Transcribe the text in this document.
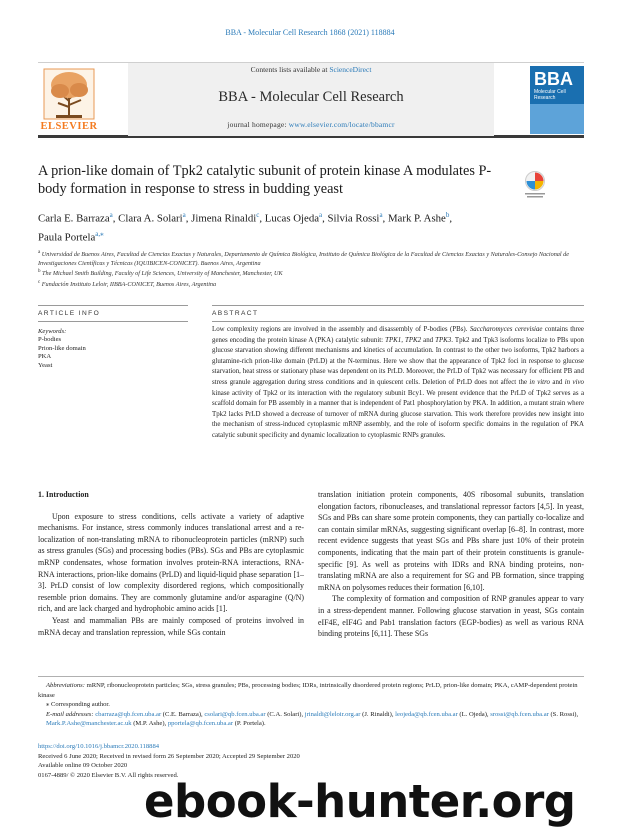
BBA - Molecular Cell Research 1868 (2021) 118884
ELSEVIER
Contents lists available at ScienceDirect
BBA - Molecular Cell Research
journal homepage: www.elsevier.com/locate/bbamcr
BBA
Molecular Cell Research
A prion-like domain of Tpk2 catalytic subunit of protein kinase A modulates P-body formation in response to stress in budding yeast
Carla E. Barraza$^a$, Clara A. Solari$^a$, Jimena Rinaldi$^c$, Lucas Ojeda$^a$, Silvia Rossi$^a$, Mark P. Ashe$^b$,
Paula Portela$^{a,⁎}$
$^a$ Universidad de Buenos Aires, Facultad de Ciencias Exactas y Naturales, Departamento de Química Biológica, Instituto de Química Biológica de la Facultad de Ciencias Exactas y Naturales-Consejo Nacional de Investigaciones Científicas y Técnicas (IQUIBICEN-CONICET). Buenos Aires, Argentina
$^b$ The Michael Smith Building, Faculty of Life Sciences, University of Manchester, Manchester, UK
$^c$ Fundación Instituto Leloir, IIBBA-CONICET, Buenos Aires, Argentina
ARTICLE INFO	ABSTRACT
Keywords:
P-bodies
Prion-like domain
PKA
Yeast
Low complexity regions are involved in the assembly and disassembly of P-bodies (PBs). Saccharomyces cerevisiae contains three genes encoding the protein kinase A (PKA) catalytic subunit: TPK1, TPK2 and TPK3. Tpk2 and Tpk3 isoforms localize to PBs upon glucose starvation showing different mechanisms and kinetics of accumulation. In contrast to the other two isoforms, Tpk2 harbors a glutamine-rich prion-like domain (PrLD) at the N-terminus. Here we show that the appearance of Tpk2 foci in response to glucose starvation, heat stress or stationary phase was dependent on its PrLD. Moreover, the PrLD of Tpk2 was necessary for efficient PB and stress granule aggregation during stress conditions and in quiescent cells. Deletion of PrLD does not affect the in vitro and in vivo kinase activity of Tpk2 or its interaction with the regulatory subunit Bcy1. We present evidence that the PrLD of Tpk2 serves as a scaffold domain for PB assembly in a manner that is independent of Pat1 phosphorylation by PKA. In addition, a mutant strain where Tpk2 lacks PrLD showed a decrease of turnover of mRNA during glucose starvation. This work therefore provides new insight into the mechanism of stress-induced cytoplasmic mRNP assembly, and the role of isoform specific domains in the regulation of PKA catalytic subunit specificity and dynamic localization to cytoplasmic RNPs granules.
1. Introduction

Upon exposure to stress conditions, cells activate a variety of adaptive mechanisms. For instance, stress commonly induces translational arrest and a re-localization of non-translating mRNA to ribonucleoprotein particles (mRNP) such as stress granules (SGs) and processing bodies (PBs). SGs and PBs are cytoplasmic mRNP condensates, whose formation involves protein-RNA interactions, RNA-RNA interactions, prion-like domains (PrLD) and liquid-liquid phase separation [1–3]. PrLD consist of low complexity disordered regions, which compositionally resemble prion domains. They are commonly glutamine and/or asparagine (Q/N) rich, and are lack charged and hydrophobic amino acids [1].

Yeast and mammalian PBs are mainly composed of proteins involved in mRNA decay and translation repression, while SGs contain

translation initiation protein components, 40S ribosomal subunits, translation elongation factors, ribonucleases, and translational repressor factors [4,5]. In yeast, SGs and PBs can share some protein components, they can partially co-localize and can contain similar mRNAs, suggesting significant overlap [6–8]. In contrast, more recent evidence suggests that yeast SGs and PBs share just 10% of their protein components, indicating that the main part of their protein constituents is granule-specific [9]. As well as proteins with IDRs and RNA binding proteins, non-translating mRNA are also a requirement for SG and PB formation, since trapping mRNA on polysomes reduces their formation [6,10].

The complexity of formation and composition of RNP granules appear to vary in a stress-dependent manner. Following glucose starvation in yeast, SGs contain eIF4E, eIF4G and Pab1 translation factors (EGP-bodies) as well as various RNA binding proteins [6,11]. These SGs

Abbreviations: mRNP, ribonucleoprotein particles; SGs, stress granules; PBs, processing bodies; IDRs, intrinsically disordered protein regions; PrLD, prion-like domain; PKA, cAMP-dependent protein kinase
⁎ Corresponding author.
E-mail addresses: cbarraza@qb.fcen.uba.ar (C.E. Barraza), csolari@qb.fcen.uba.ar (C.A. Solari), jrinaldi@leloir.org.ar (J. Rinaldi), leojeda@qb.fcen.uba.ar (L. Ojeda), srossi@qb.fcen.uba.ar (S. Rossi), Mark.P.Ashe@manchester.ac.uk (M.P. Ashe), pportela@qb.fcen.uba.ar (P. Portela).
https://doi.org/10.1016/j.bbamcr.2020.118884
Received 6 June 2020; Received in revised form 26 September 2020; Accepted 29 September 2020
Available online 09 October 2020
0167-4889/ © 2020 Elsevier B.V. All rights reserved.
ebook-hunter.org
